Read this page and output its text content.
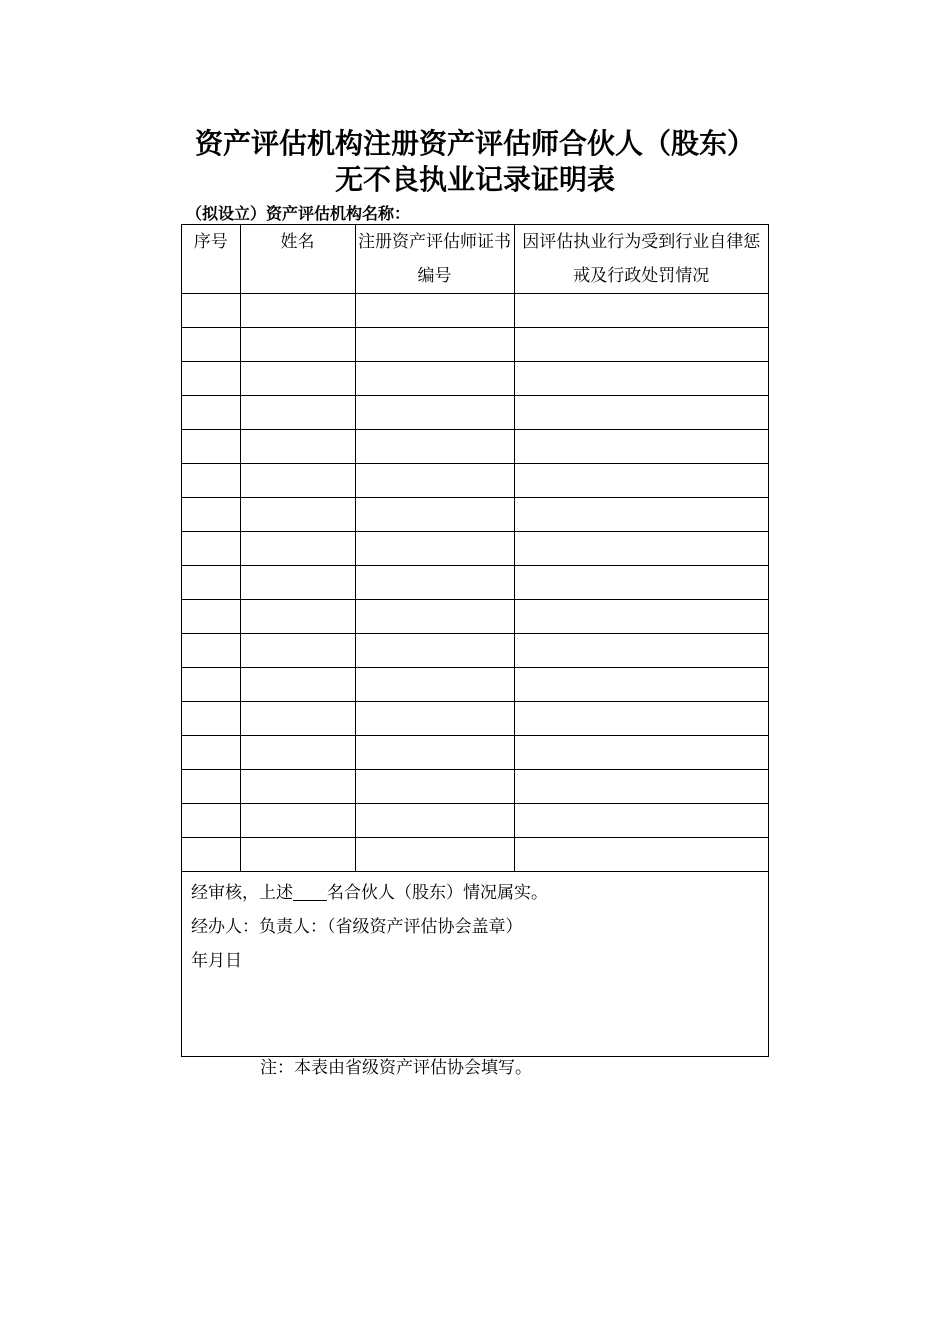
资产评估机构注册资产评估师合伙人（股东）
无不良执业记录证明表
（拟设立）资产评估机构名称：
序号	姓名	注册资产评估师证书编号	因评估执业行为受到行业自律惩戒及行政处罚情况

经审核，上述 名合伙人（股东）情况属实。
经办人：负责人：（省级资产评估协会盖章）
年月日
注：本表由省级资产评估协会填写。
